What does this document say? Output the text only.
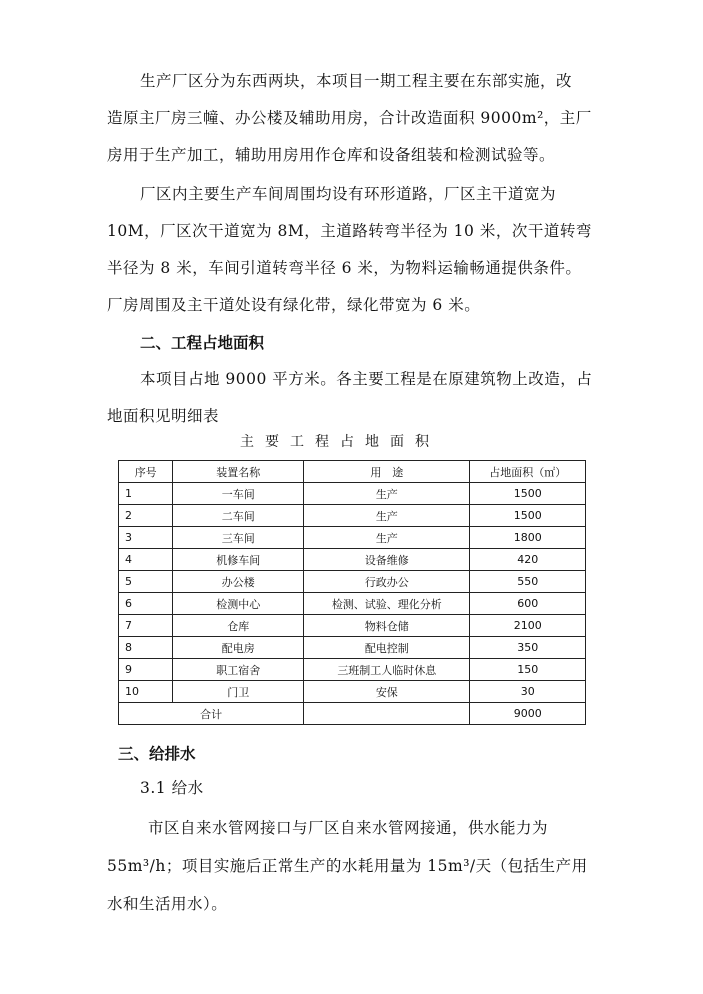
生产厂区分为东西两块，本项目一期工程主要在东部实施，改
造原主厂房三幢、办公楼及辅助用房，合计改造面积 9000m²，主厂
房用于生产加工，辅助用房用作仓库和设备组装和检测试验等。
厂区内主要生产车间周围均设有环形道路，厂区主干道宽为
10M，厂区次干道宽为 8M，主道路转弯半径为 10 米，次干道转弯
半径为 8 米，车间引道转弯半径 6 米，为物料运输畅通提供条件。
厂房周围及主干道处设有绿化带，绿化带宽为 6 米。
二、工程占地面积
本项目占地 9000 平方米。各主要工程是在原建筑物上改造，占
地面积见明细表
主要工程占地面积
序号	装置名称	用　途	占地面积（㎡）
1	一车间	生产	1500
2	二车间	生产	1500
3	三车间	生产	1800
4	机修车间	设备维修	420
5	办公楼	行政办公	550
6	检测中心	检测、试验、理化分析	600
7	仓库	物料仓储	2100
8	配电房	配电控制	350
9	职工宿舍	三班制工人临时休息	150
10	门卫	安保	30
合计			9000
三、给排水
3.1 给水
市区自来水管网接口与厂区自来水管网接通，供水能力为
55m³/h；项目实施后正常生产的水耗用量为 15m³/天（包括生产用
水和生活用水）。
